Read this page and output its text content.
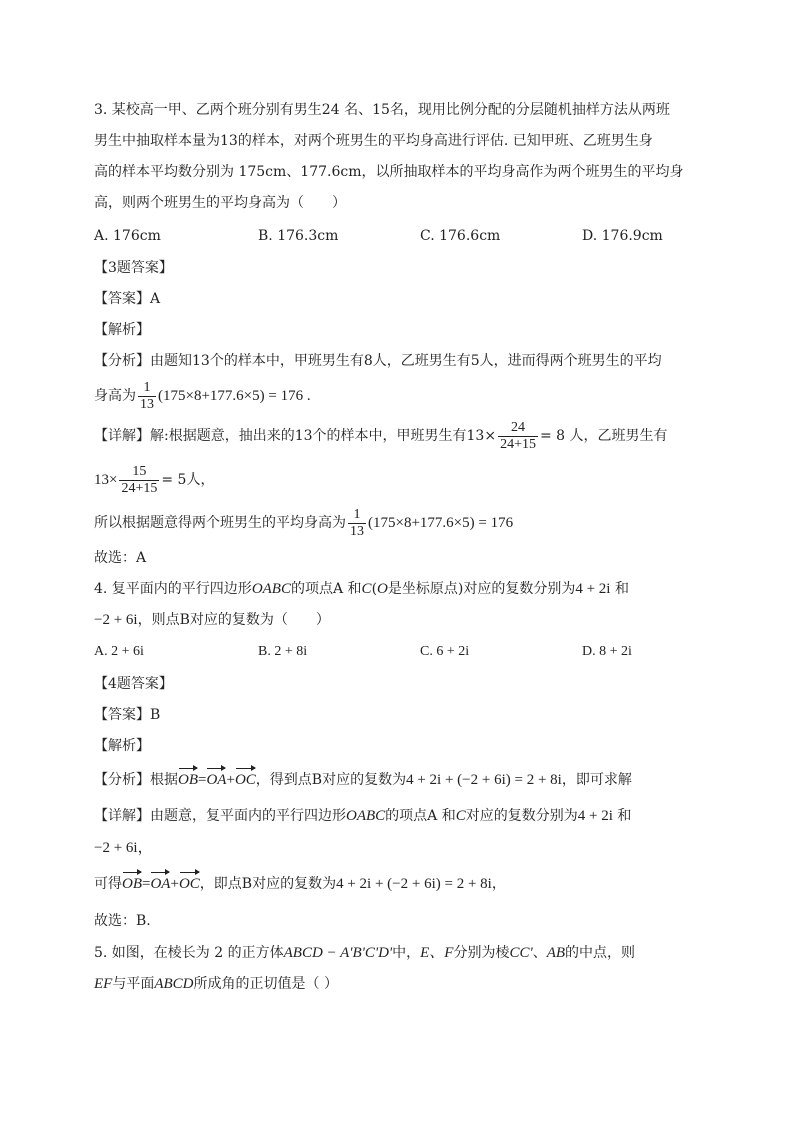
3. 某校高一甲、乙两个班分别有男生24 名、15名，现用比例分配的分层随机抽样方法从两班
男生中抽取样本量为13的样本，对两个班男生的平均身高进行评估. 已知甲班、乙班男生身
高的样本平均数分别为 175cm、177.6cm，以所抽取样本的平均身高作为两个班男生的平均身
高，则两个班男生的平均身高为（　　）
A. 176cm	B. 176.3cm	C. 176.6cm	D. 176.9cm
【3题答案】
【答案】A
【解析】
【分析】由题知13个的样本中，甲班男生有8人，乙班男生有5人，进而得两个班男生的平均
身高为 $\frac{1}{13} (175\times 8+177.6\times 5) = 176$ .
【详解】解:根据题意，抽出来的13个的样本中，甲班男生有$13\times \frac{24}{24+15} = 8$ 人，乙班男生有
$13\times \frac{15}{24+15} = 5$人，
所以根据题意得两个班男生的平均身高为 $\frac{1}{13} (175\times 8+177.6\times 5) = 176$
故选：A
4. 复平面内的平行四边形OABC的项点A 和C(O是坐标原点)对应的复数分别为4 + 2i 和
−2 + 6i，则点B对应的复数为（　　）
A. 2 + 6i	B. 2 + 8i	C. 6 + 2i	D. 8 + 2i
【4题答案】
【答案】B
【解析】
【分析】根据OB=OA+OC，得到点B对应的复数为4 + 2i + (−2 + 6i) = 2 + 8i，即可求解
【详解】由题意，复平面内的平行四边形OABC的项点A 和C对应的复数分别为4 + 2i 和
−2 + 6i，
可得OB=OA+OC，即点B对应的复数为4 + 2i + (−2 + 6i) = 2 + 8i，
故选：B.
5. 如图，在棱长为 2 的正方体ABCD − A'B'C'D'中，E、F分别为棱CC'、AB的中点，则
EF与平面ABCD所成角的正切值是（ ）
